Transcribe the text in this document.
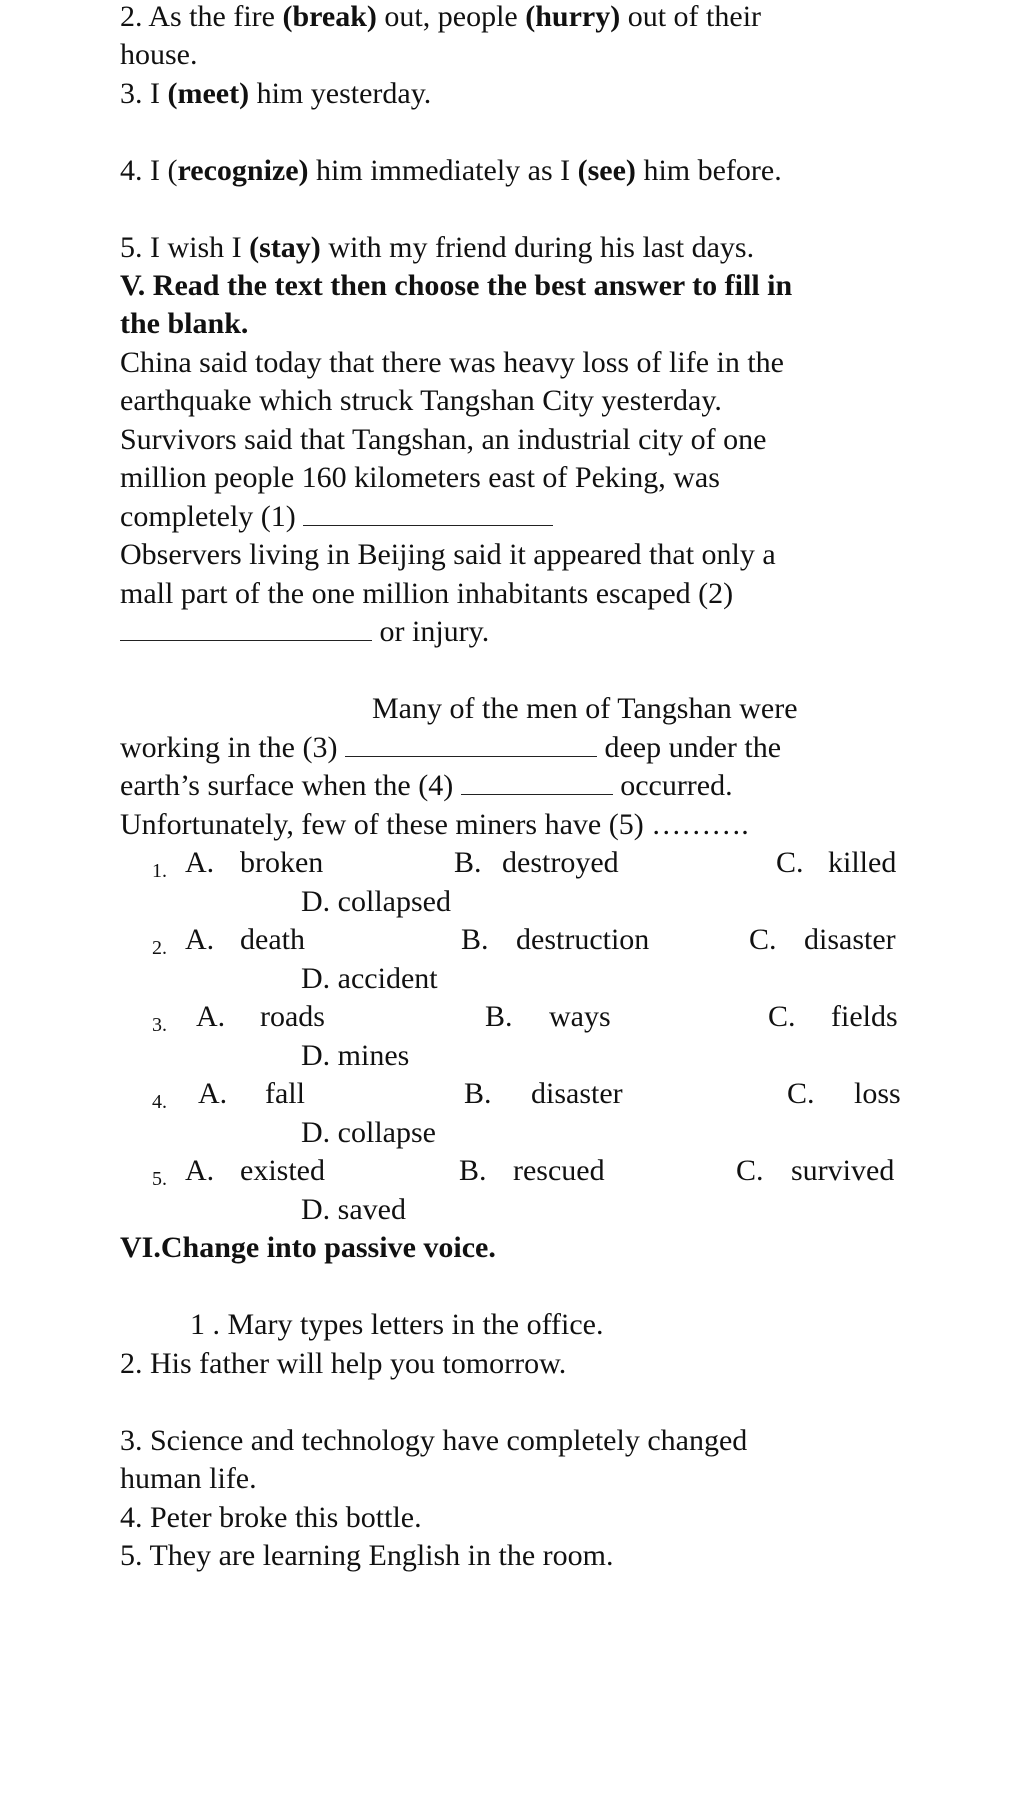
2. As the fire (break) out, people (hurry) out of their
house.
3. I (meet) him yesterday.
4. I (recognize) him immediately as I (see) him before.
5. I wish I (stay) with my friend during his last days.
V. Read the text then choose the best answer to fill in
the blank.
China said today that there was heavy loss of life in the
earthquake which struck Tangshan City yesterday.
Survivors said that Tangshan, an industrial city of one
million people 160 kilometers east of Peking, was
completely (1)
Observers living in Beijing said it appeared that only a
mall part of the one million inhabitants escaped (2)
or injury.
Many of the men of Tangshan were
working in the (3)	deep under the
earth’s surface when the (4)	occurred.
Unfortunately, few of these miners have (5) ……….
1. A. broken	B. destroyed	C. killed
D. collapsed
2. A. death	B. destruction	C. disaster
D. accident
3. A. roads	B. ways	C. fields
D. mines
4. A. fall	B. disaster	C. loss
D. collapse
5. A. existed	B. rescued	C. survived
D. saved
VI.Change into passive voice.
1 . Mary types letters in the office.
2. His father will help you tomorrow.
3. Science and technology have completely changed
human life.
4. Peter broke this bottle.
5. They are learning English in the room.
